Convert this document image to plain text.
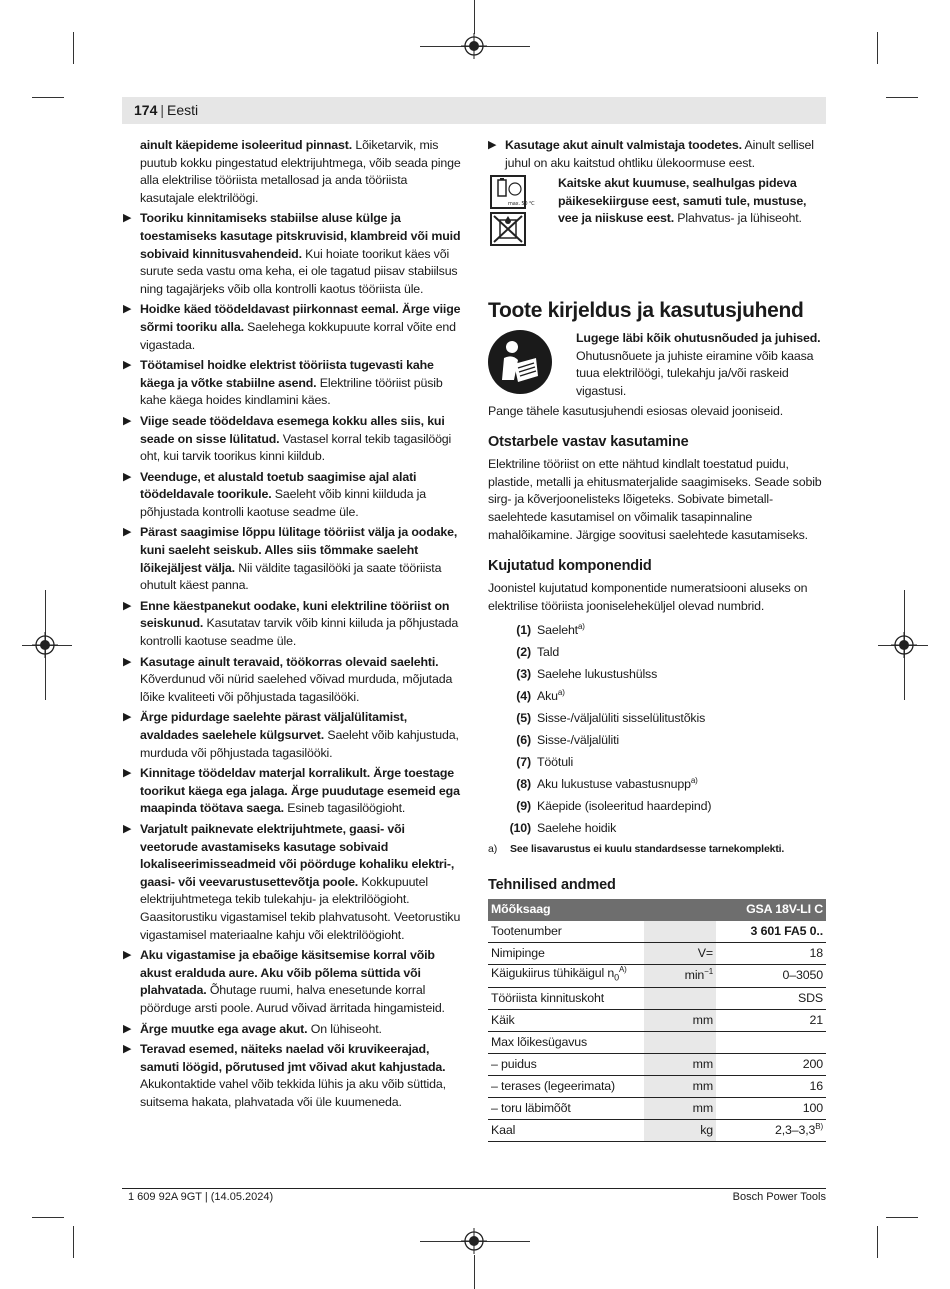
174 | Eesti

ainult käepideme isoleeritud pinnast. Lõiketarvik, mis puutub kokku pingestatud elektrijuhtmega, võib seada pinge alla elektrilise tööriista metallosad ja anda tööriista kasutajale elektrilöögi.

▶ Tooriku kinnitamiseks stabiilse aluse külge ja toestamiseks kasutage pitskruvisid, klambreid või muid sobivaid kinnitusvahendeid. Kui hoiate toorikut käes või surute seda vastu oma keha, ei ole tagatud piisav stabiilsus ning tagajärjeks võib olla kontrolli kaotus tööriista üle.
▶ Hoidke käed töödeldavast piirkonnast eemal. Ärge viige sõrmi tooriku alla. Saelehega kokkupuute korral võite end vigastada.
▶ Töötamisel hoidke elektrist tööriista tugevasti kahe käega ja võtke stabiilne asend. Elektriline tööriist püsib kahe käega hoides kindlamini käes.
▶ Viige seade töödeldava esemega kokku alles siis, kui seade on sisse lülitatud. Vastasel korral tekib tagasilöögi oht, kui tarvik toorikus kinni kiildub.
▶ Veenduge, et alustald toetub saagimise ajal alati töödeldavale toorikule. Saeleht võib kinni kiilduda ja põhjustada kontrolli kaotuse seadme üle.
▶ Pärast saagimise lõppu lülitage tööriist välja ja oodake, kuni saeleht seiskub. Alles siis tõmmake saeleht lõikejäljest välja. Nii väldite tagasilööki ja saate tööriista ohutult käest panna.
▶ Enne käestpanekut oodake, kuni elektriline tööriist on seiskunud. Kasutatav tarvik võib kinni kiiluda ja põhjustada kontrolli kaotuse seadme üle.
▶ Kasutage ainult teravaid, töökorras olevaid saelehti. Kõverdunud või nürid saelehed võivad murduda, mõjutada lõike kvaliteeti või põhjustada tagasilööki.
▶ Ärge pidurdage saelehte pärast väljalülitamist, avaldades saelehele külgsurvet. Saeleht võib kahjustuda, murduda või põhjustada tagasilööki.
▶ Kinnitage töödeldav materjal korralikult. Ärge toestage toorikut käega ega jalaga. Ärge puudutage esemeid ega maapinda töötava saega. Esineb tagasilöögioht.
▶ Varjatult paiknevate elektrijuhtmete, gaasi- või veetorude avastamiseks kasutage sobivaid lokaliseerimisseadmeid või pöörduge kohaliku elektri-, gaasi- või veevarustusettevõtja poole. Kokkupuutel elektrijuhtmetega tekib tulekahju- ja elektrilöögioht. Gaasitorustiku vigastamisel tekib plahvatusoht. Veetorustiku vigastamisel materiaalne kahju või elektrilöögioht.
▶ Aku vigastamise ja ebaõige käsitsemise korral võib akust eralduda aure. Aku võib põlema süttida või plahvatada. Õhutage ruumi, halva enesetunde korral pöörduge arsti poole. Aurud võivad ärritada hingamisteid.
▶ Ärge muutke ega avage akut. On lühiseoht.
▶ Teravad esemed, näiteks naelad või kruvikeerajad, samuti löögid, põrutused jmt võivad akut kahjustada. Akukontaktide vahel võib tekkida lühis ja aku võib süttida, suitsema hakata, plahvatada või üle kuumeneda.
▶ Kasutage akut ainult valmistaja toodetes. Ainult sellisel juhul on aku kaitstud ohtliku ülekoormuse eest.
max. 50 °C
Kaitske akut kuumuse, sealhulgas pideva päikesekiirguse eest, samuti tule, mustuse, vee ja niiskuse eest. Plahvatus- ja lühiseoht.
Toote kirjeldus ja kasutusjuhend
Lugege läbi kõik ohutusnõuded ja juhised. Ohutusnõuete ja juhiste eiramine võib kaasa tuua elektrilöögi, tulekahju ja/või raskeid vigastusi.

Pange tähele kasutusjuhendi esiosas olevaid jooniseid.

Otstarbele vastav kasutamine

Elektriline tööriist on ette nähtud kindlalt toestatud puidu, plastide, metalli ja ehitusmaterjalide saagimiseks. Seade sobib sirg- ja kõverjoonelisteks lõigeteks. Sobivate bimetall-saelehtede kasutamisel on võimalik tasapinnaline mahalõikamine. Järgige soovitusi saelehtede kasutamiseks.

Kujutatud komponendid

Joonistel kujutatud komponentide numeratsiooni aluseks on elektrilise tööriista jooniseleheküljel olevad numbrid.

(1) Saeleht$^{a)}$
(2) Tald
(3) Saelehe lukustushülss
(4) Aku$^{a)}$
(5) Sisse-/väljalüliti sisselülitustõkis
(6) Sisse-/väljalüliti
(7) Töötuli
(8) Aku lukustuse vabastusnupp$^{a)}$
(9) Käepide (isoleeritud haardepind)
(10) Saelehe hoidik
a)	See lisavarustus ei kuulu standardsesse tarnekomplekti.
Tehnilised andmed
Mõõksaag		GSA 18V-LI C
Tootenumber		3 601 FA5 0..
Nimipinge	V=	18
Käigukiirus tühikäigul $n_0^{A)}$	$\min^{-1}$	0–3050
Tööriista kinnituskoht		SDS
Käik	mm	21
Max lõikesügavus		
– puidus	mm	200
– terases (legeerimata)	mm	16
– toru läbimõõt	mm	100
Kaal	kg	$2,3-3,3^{B)}$
1 609 92A 9GT | (14.05.2024)	Bosch Power Tools
